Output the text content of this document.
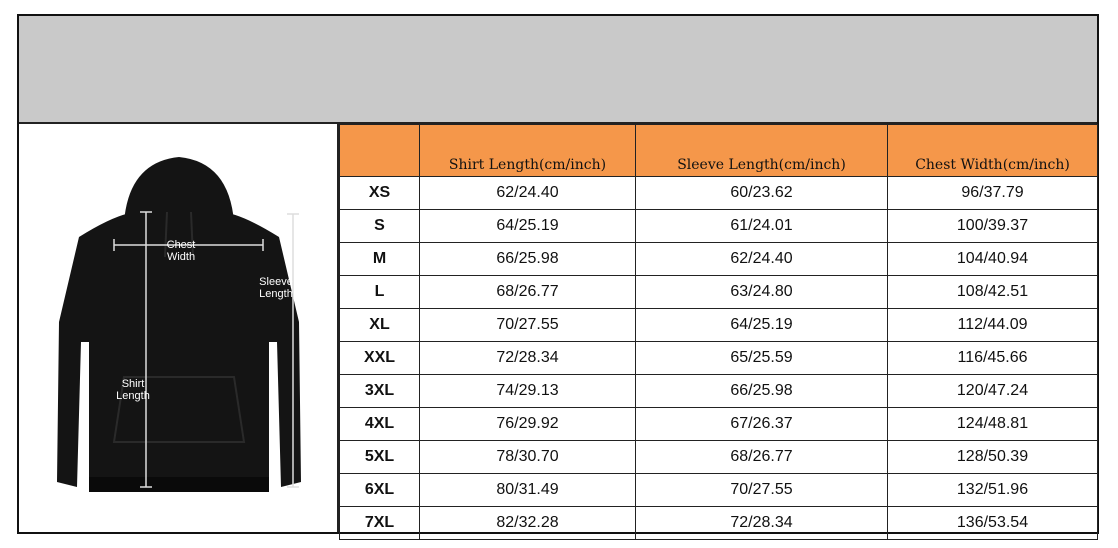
Chest
Width
Sleeve
Length
Shirt
Length
	Shirt Length(cm/inch)	Sleeve Length(cm/inch)	Chest Width(cm/inch)
XS	62/24.40	60/23.62	96/37.79
S	64/25.19	61/24.01	100/39.37
M	66/25.98	62/24.40	104/40.94
L	68/26.77	63/24.80	108/42.51
XL	70/27.55	64/25.19	112/44.09
XXL	72/28.34	65/25.59	116/45.66
3XL	74/29.13	66/25.98	120/47.24
4XL	76/29.92	67/26.37	124/48.81
5XL	78/30.70	68/26.77	128/50.39
6XL	80/31.49	70/27.55	132/51.96
7XL	82/32.28	72/28.34	136/53.54
